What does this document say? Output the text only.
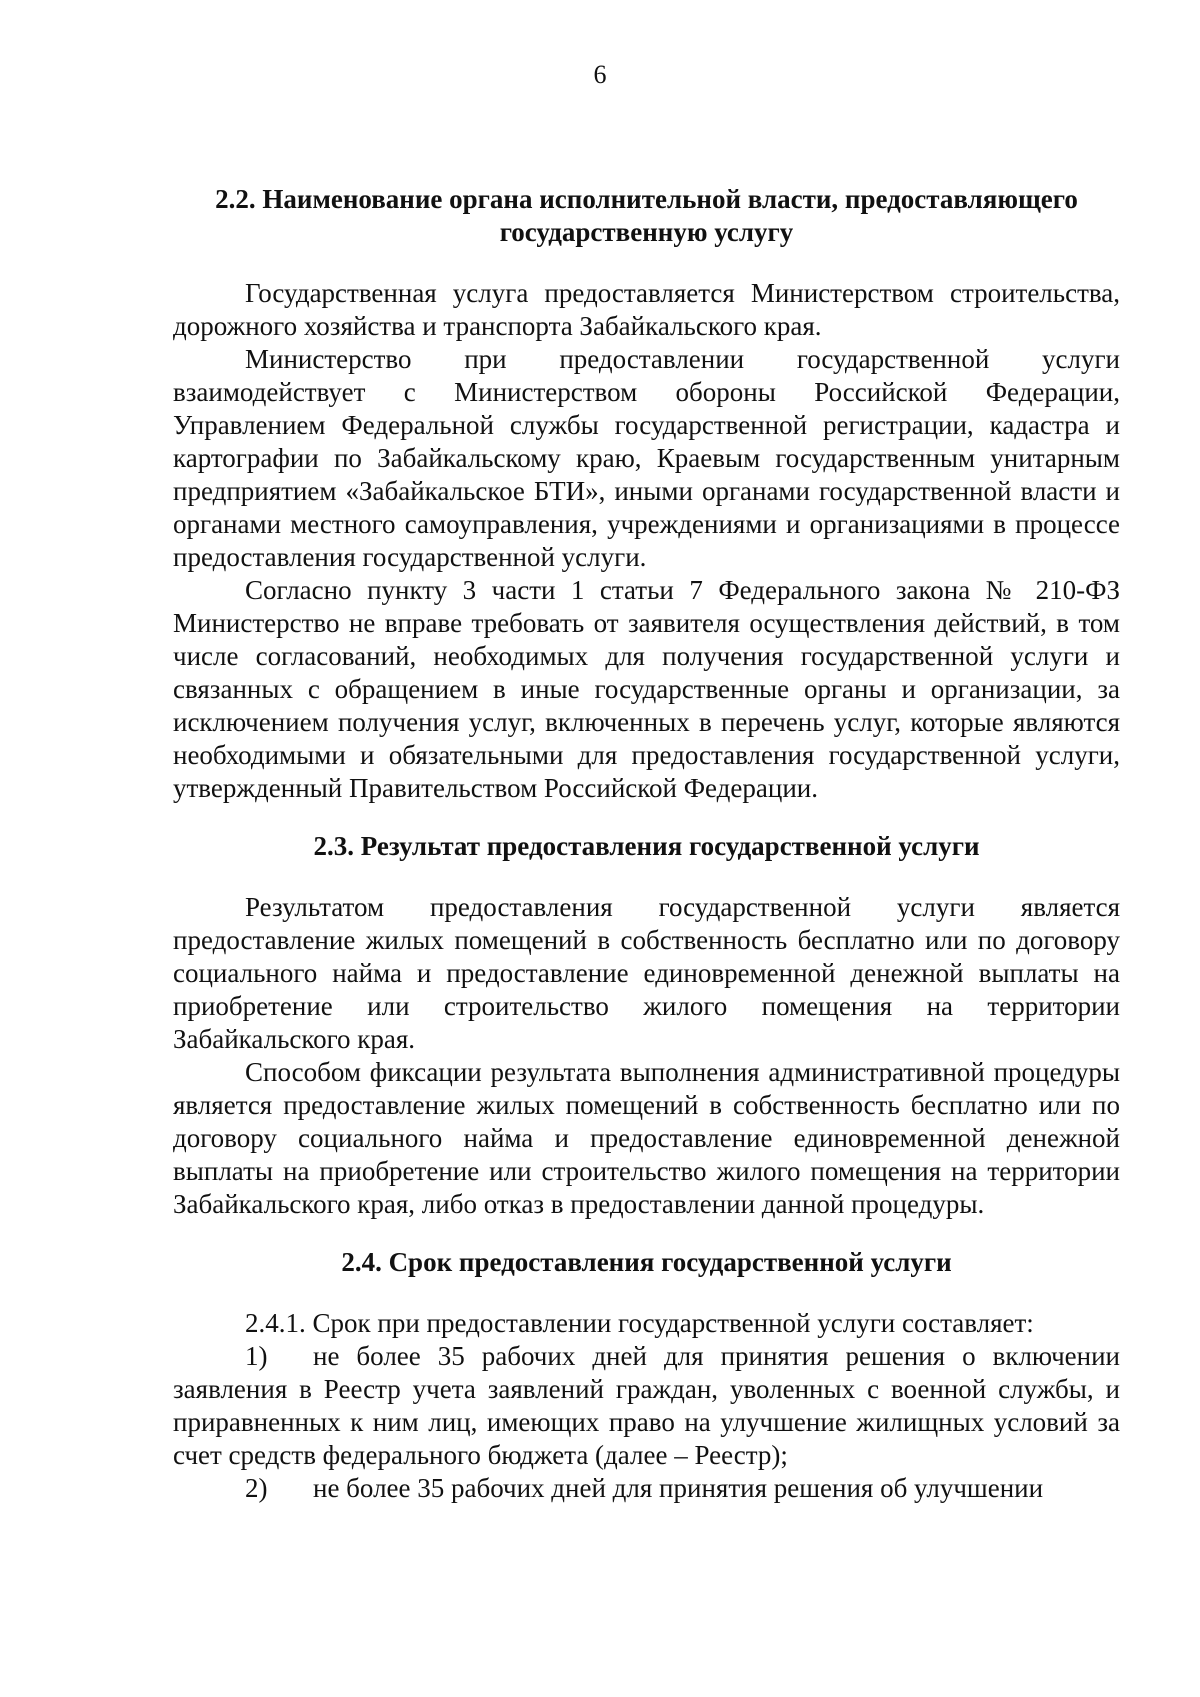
6
2.2. Наименование органа исполнительной власти, предоставляющего
государственную услугу

Государственная услуга предоставляется Министерством строительства, дорожного хозяйства и транспорта Забайкальского края.

Министерство при предоставлении государственной услуги взаимодействует с Министерством обороны Российской Федерации, Управлением Федеральной службы государственной регистрации, кадастра и картографии по Забайкальскому краю, Краевым государственным унитарным предприятием «Забайкальское БТИ», иными органами государственной власти и органами местного самоуправления, учреждениями и организациями в процессе предоставления государственной услуги.

Согласно пункту 3 части 1 статьи 7 Федерального закона № 210-ФЗ Министерство не вправе требовать от заявителя осуществления действий, в том числе согласований, необходимых для получения государственной услуги и связанных с обращением в иные государственные органы и организации, за исключением получения услуг, включенных в перечень услуг, которые являются необходимыми и обязательными для предоставления государственной услуги, утвержденный Правительством Российской Федерации.

2.3. Результат предоставления государственной услуги

Результатом предоставления государственной услуги является предоставление жилых помещений в собственность бесплатно или по договору социального найма и предоставление единовременной денежной выплаты на приобретение или строительство жилого помещения на территории Забайкальского края.

Способом фиксации результата выполнения административной процедуры является предоставление жилых помещений в собственность бесплатно или по договору социального найма и предоставление единовременной денежной выплаты на приобретение или строительство жилого помещения на территории Забайкальского края, либо отказ в предоставлении данной процедуры.

2.4. Срок предоставления государственной услуги

2.4.1. Срок при предоставлении государственной услуги составляет:

1) не более 35 рабочих дней для принятия решения о включении заявления в Реестр учета заявлений граждан, уволенных с военной службы, и приравненных к ним лиц, имеющих право на улучшение жилищных условий за счет средств федерального бюджета (далее – Реестр);

2) не более 35 рабочих дней для принятия решения об улучшении
